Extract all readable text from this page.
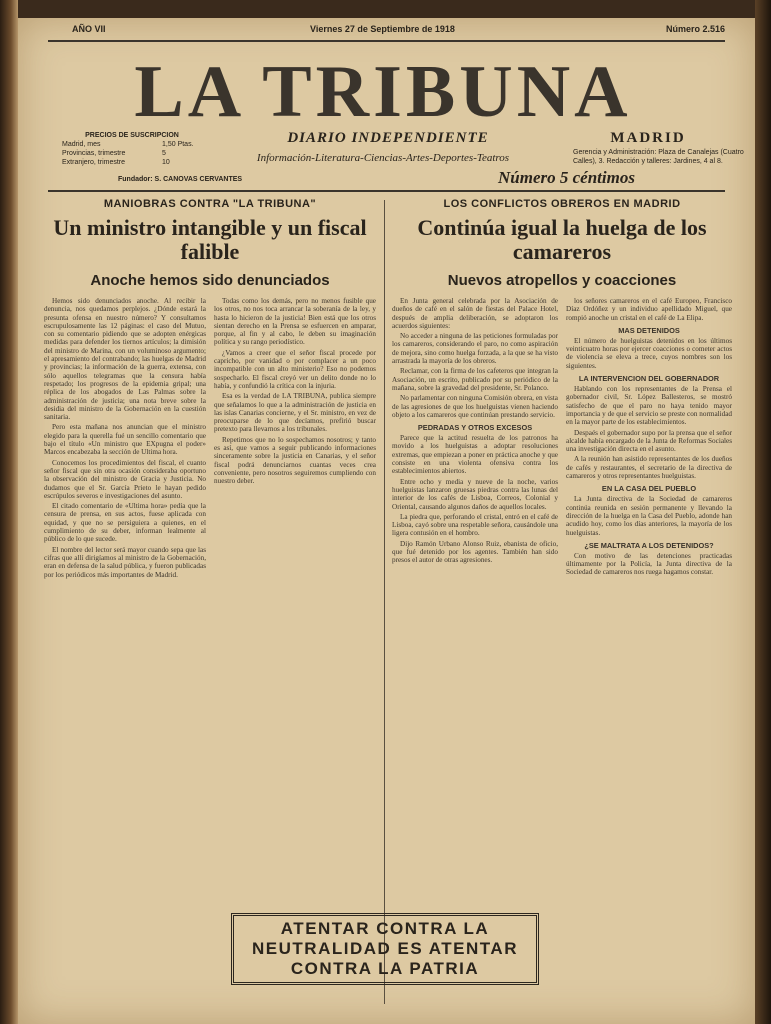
AÑO VII	Viernes 27 de Septiembre de 1918	Número 2.516
LA TRIBUNA
PRECIOS DE SUSCRIPCION
Madrid, mes	1,50 Ptas.
Provincias, trimestre	5
Extranjero, trimestre	10
DIARIO INDEPENDIENTE
Información-Literatura-Ciencias-Artes-Deportes-Teatros
MADRID
Gerencia y Administración: Plaza de Canalejas (Cuatro Calles), 3. Redacción y talleres: Jardines, 4 al 8.
Fundador: S. CANOVAS CERVANTES	Número 5 céntimos
MANIOBRAS CONTRA "LA TRIBUNA"
Un ministro intangible y un fiscal falible
Anoche hemos sido denunciados

Hemos sido denunciados anoche. Al recibir la denuncia, nos quedamos perplejos. ¿Dónde estará la presunta ofensa en nuestro número? Y consultamos escrupulosamente las 12 páginas: el caso del Mutuo, con su comentario pidiendo que se adopten enérgicas medidas para defender los tiernos artículos; la dimisión del ministro de Marina, con un voluminoso argumento; el apresamiento del contrabando; las huelgas de Madrid y provincias; la información de la guerra, extensa, con sólo aquellos telegramas que la censura había respetado; los progresos de la epidemia gripal; una réplica de los abogados de Las Palmas sobre la administración de justicia; una nota breve sobre la desidia del ministro de la Gobernación en la cuestión sanitaria.

Pero esta mañana nos anuncian que el ministro elegido para la querella fué un sencillo comentario que bajo el título «Un ministro que EXpugna el poder» Marcos encabezaba la sección de Ultima hora.

Conocemos los procedimientos del fiscal, el cuanto señor fiscal que sin otra ocasión consideraba oportuno la observación del ministro de Gracia y Justicia. No dudamos que el Sr. García Prieto le hayan pedido escrúpulos severos e investigaciones del asunto.

El citado comentario de «Ultima hora» pedía que la censura de prensa, en sus actos, fuese aplicada con equidad, y que no se persiguiera a quienes, en el cumplimiento de su deber, informan lealmente al público de lo que sucede.

El nombre del lector será mayor cuando sepa que las cifras que allí dirigíamos al ministro de la Gobernación, eran en defensa de la salud pública, y fueron publicadas por los periódicos más importantes de Madrid.

Todas como los demás, pero no menos fusible que los otros, no nos toca arrancar la soberanía de la ley, y hasta lo hicieron de la justicia! Bien está que los otros sientan derecho en la Prensa se esfuercen en amparar, porque, al fin y al cabo, le deben su imaginación política y su rango periodístico.

¿Vamos a creer que el señor fiscal procede por capricho, por vanidad o por complacer a un poco incompatible con un alto ministerio? Eso no podemos sospecharlo. El fiscal creyó ver un delito donde no lo había, y confundió la crítica con la injuria.

Esa es la verdad de LA TRIBUNA, publica siempre que señalamos lo que a la administración de justicia en las islas Canarias concierne, y el Sr. ministro, en vez de preocuparse de lo que decíamos, prefirió buscar pretexto para llevarnos a los tribunales.

Repetimos que no lo sospechamos nosotros; y tanto es así, que vamos a seguir publicando informaciones sinceramente sobre la justicia en Canarias, y el señor fiscal podrá denunciarnos cuantas veces crea conveniente, pero nosotros seguiremos cumpliendo con nuestro deber.

LOS CONFLICTOS OBREROS EN MADRID
Continúa igual la huelga de los camareros
Nuevos atropellos y coacciones

En Junta general celebrada por la Asociación de dueños de café en el salón de fiestas del Palace Hotel, después de amplia deliberación, se adoptaron los acuerdos siguientes:

No acceder a ninguna de las peticiones formuladas por los camareros, considerando el paro, no como aspiración de mejora, sino como huelga forzada, a la que se ha visto arrastrada la mayoría de los obreros.

Reclamar, con la firma de los cafeteros que integran la Asociación, un escrito, publicado por su periódico de la mañana, sobre la gravedad del presidente, Sr. Polanco.

No parlamentar con ninguna Comisión obrera, en vista de las agresiones de que los huelguistas vienen haciendo objeto a los camareros que continúan prestando servicio.

PEDRADAS Y OTROS EXCESOS

Parece que la actitud resuelta de los patronos ha movido a los huelguistas a adoptar resoluciones extremas, que empiezan a poner en práctica anoche y que consiste en una violenta ofensiva contra los establecimientos abiertos.

Entre ocho y media y nueve de la noche, varios huelguistas lanzaron gruesas piedras contra las lunas del interior de los cafés de Lisboa, Correos, Colonial y Oriental, causando algunos daños de aquellos locales.

La piedra que, perforando el cristal, entró en el café de Lisboa, cayó sobre una respetable señora, causándole una ligera contusión en el hombro.

Dijo Ramón Urbano Alonso Ruiz, ebanista de oficio, que fué detenido por los agentes. También han sido presos el autor de otras agresiones.

los señores camareros en el café Europeo, Francisco Díaz Ordóñez y un individuo apellidado Miguel, que rompió anoche un cristal en el café de La Elipa.

MAS DETENIDOS

El número de huelguistas detenidos en los últimos veinticuatro horas por ejercer coacciones o cometer actos de violencia se eleva a trece, cuyos nombres son los siguientes.

LA INTERVENCION DEL GOBERNADOR

Hablando con los representantes de la Prensa el gobernador civil, Sr. López Ballesteros, se mostró satisfecho de que el paro no haya tenido mayor importancia y de que el servicio se preste con normalidad en la mayor parte de los establecimientos.

Despaés el gobernador supo por la prensa que el señor alcalde había encargado de la Junta de Reformas Sociales una investigación directa en el asunto.

A la reunión han asistido representantes de los dueños de cafés y restaurantes, el secretario de la directiva de camareros y otros representantes huelguistas.

EN LA CASA DEL PUEBLO

La Junta directiva de la Sociedad de camareros continúa reunida en sesión permanente y llevando la dirección de la huelga en la Casa del Pueblo, adonde han acudido hoy, como los días anteriores, la mayoría de los huelguistas.

¿SE MALTRATA A LOS DETENIDOS?

Con motivo de las detenciones practicadas últimamente por la Policía, la Junta directiva de la Sociedad de camareros nos ruega hagamos constar.

ATENTAR CONTRA LA NEUTRALIDAD ES ATENTAR CONTRA LA PATRIA
